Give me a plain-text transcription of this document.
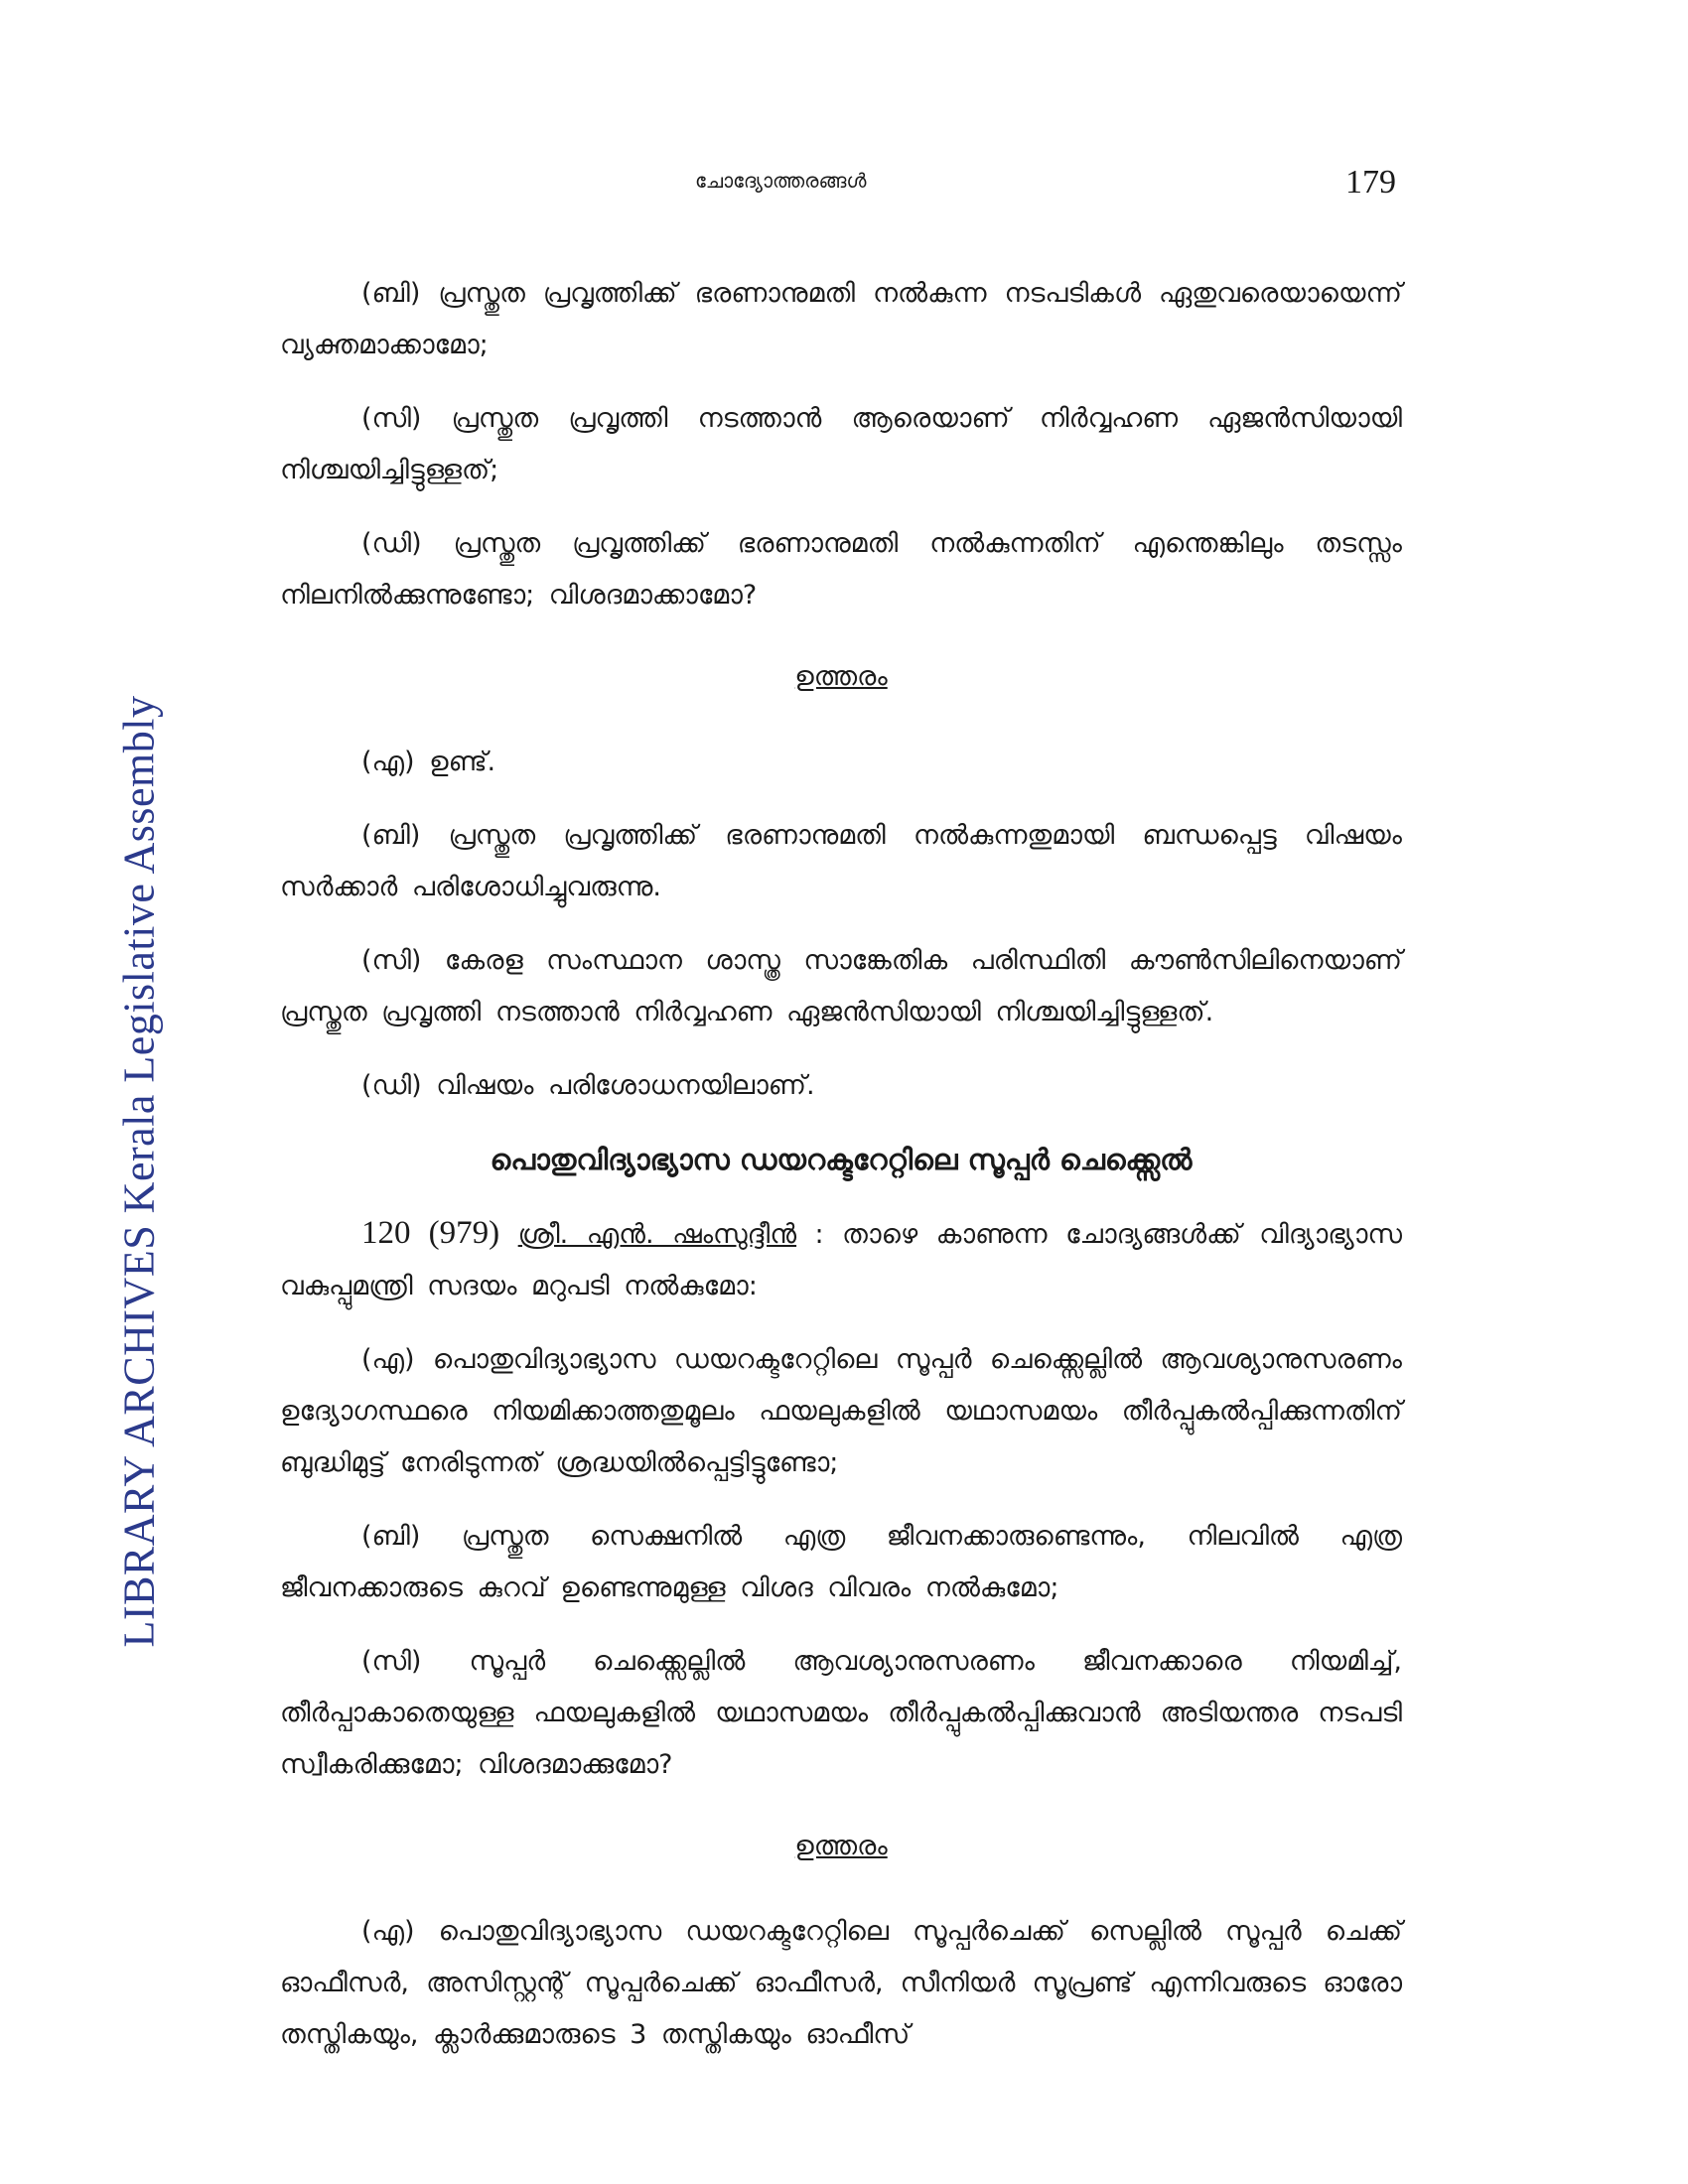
LIBRARY ARCHIVES Kerala Legislative Assembly
ചോദ്യോത്തരങ്ങൾ	179

(ബി) പ്രസ്തുത പ്രവൃത്തിക്ക് ഭരണാനുമതി നൽകുന്ന നടപടികൾ ഏതുവരെയായെന്ന് വ്യക്തമാക്കാമോ;

(സി) പ്രസ്തുത പ്രവൃത്തി നടത്താൻ ആരെയാണ് നിർവ്വഹണ ഏജൻസിയായി നിശ്ചയിച്ചിട്ടുള്ളത്;

(ഡി) പ്രസ്തുത പ്രവൃത്തിക്ക് ഭരണാനുമതി നൽകുന്നതിന് എന്തെങ്കിലും തടസ്സം നിലനിൽക്കുന്നുണ്ടോ; വിശദമാക്കാമോ?

ഉത്തരം

(എ) ഉണ്ട്.

(ബി) പ്രസ്തുത പ്രവൃത്തിക്ക് ഭരണാനുമതി നൽകുന്നതുമായി ബന്ധപ്പെട്ട വിഷയം സർക്കാർ പരിശോധിച്ചുവരുന്നു.

(സി) കേരള സംസ്ഥാന ശാസ്ത്ര സാങ്കേതിക പരിസ്ഥിതി കൗൺസിലിനെയാണ് പ്രസ്തുത പ്രവൃത്തി നടത്താൻ നിർവ്വഹണ ഏജൻസിയായി നിശ്ചയിച്ചിട്ടുള്ളത്.

(ഡി) വിഷയം പരിശോധനയിലാണ്.

പൊതുവിദ്യാഭ്യാസ ഡയറക്ടറേറ്റിലെ സൂപ്പർ ചെക്ക്സെൽ

120 (979) ശ്രീ. എൻ. ഷംസുദ്ദീൻ : താഴെ കാണുന്ന ചോദ്യങ്ങൾക്ക് വിദ്യാഭ്യാസ വകുപ്പുമന്ത്രി സദയം മറുപടി നൽകുമോ:

(എ) പൊതുവിദ്യാഭ്യാസ ഡയറക്ടറേറ്റിലെ സൂപ്പർ ചെക്ക്സെല്ലിൽ ആവശ്യാനുസരണം ഉദ്യോഗസ്ഥരെ നിയമിക്കാത്തതുമൂലം ഫയലുകളിൽ യഥാസമയം തീർപ്പുകൽപ്പിക്കുന്നതിന് ബുദ്ധിമുട്ട് നേരിടുന്നത് ശ്രദ്ധയിൽപ്പെട്ടിട്ടുണ്ടോ;

(ബി) പ്രസ്തുത സെക്ഷനിൽ എത്ര ജീവനക്കാരുണ്ടെന്നും, നിലവിൽ എത്ര ജീവനക്കാരുടെ കുറവ് ഉണ്ടെന്നുമുള്ള വിശദ വിവരം നൽകുമോ;

(സി) സൂപ്പർ ചെക്ക്സെല്ലിൽ ആവശ്യാനുസരണം ജീവനക്കാരെ നിയമിച്ച്, തീർപ്പാകാതെയുള്ള ഫയലുകളിൽ യഥാസമയം തീർപ്പുകൽപ്പിക്കുവാൻ അടിയന്തര നടപടി സ്വീകരിക്കുമോ; വിശദമാക്കുമോ?

ഉത്തരം

(എ) പൊതുവിദ്യാഭ്യാസ ഡയറക്ടറേറ്റിലെ സൂപ്പർചെക്ക് സെല്ലിൽ സൂപ്പർ ചെക്ക് ഓഫീസർ, അസിസ്റ്റന്റ് സൂപ്പർചെക്ക് ഓഫീസർ, സീനിയർ സൂപ്രണ്ട് എന്നിവരുടെ ഓരോ തസ്തികയും, ക്ലാർക്കുമാരുടെ 3 തസ്തികയും ഓഫീസ്
